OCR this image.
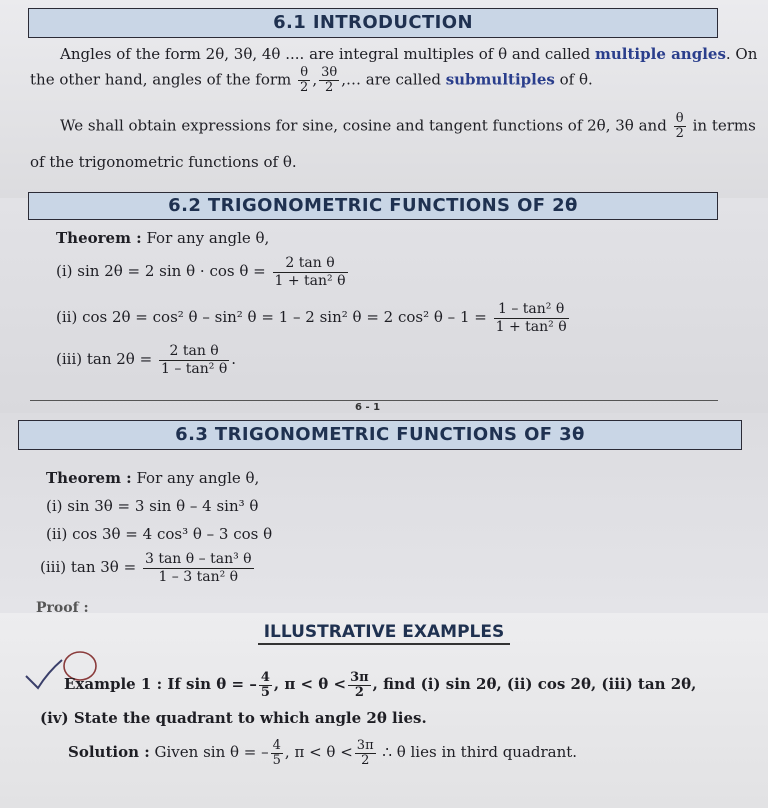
6.1 INTRODUCTION
Angles of the form 2θ, 3θ, 4θ .... are integral multiples of θ and called multiple angles. On
the other hand, angles of the form $\frac{\theta}{2}$ , $\frac{3\theta}{2}$ ,… are called submultiples of θ.
We shall obtain expressions for sine, cosine and tangent functions of 2θ, 3θ and $\frac{\theta}{2}$ in terms
of the trigonometric functions of θ.
6.2 TRIGONOMETRIC FUNCTIONS OF 2θ
Theorem : For any angle θ,
(i) sin 2θ = 2 $\sin \theta \cdot \cos \theta = \frac{\text{2 tan θ}}{\text{1 + tan² θ}}$
(ii) cos 2θ = cos² θ – sin² θ = 1 – 2 sin² θ = 2 cos² $\theta - 1 = \frac{\text{1 – tan² θ}}{\text{1 + tan² θ}}$
(iii) $\tan 2\theta = \frac{\text{2 tan θ}}{\text{1 – tan² θ}}$ .
6 - 1
6.3 TRIGONOMETRIC FUNCTIONS OF 3θ
Theorem : For any angle θ,
(i) sin 3θ = 3 sin θ – 4 sin³ θ
(ii) cos 3θ = 4 cos³ θ – 3 cos θ
(iii) $\tan 3\theta = \frac{\text{3 tan θ – tan³ θ}}{\text{1 – 3 tan² θ}}$
Proof :
ILLUSTRATIVE EXAMPLES
Example 1 : If sin θ = – $\frac{4}{5}$ , $\pi < \theta < \frac{3\pi}{2}$ , find (i) sin 2θ, (ii) cos 2θ, (iii) tan 2θ,
(iv) State the quadrant to which angle 2θ lies.
Solution : Given sin θ = – $\frac{4}{5}$ , $\pi < \theta < \frac{3\pi}{2}$ ∴ θ lies in third quadrant.
